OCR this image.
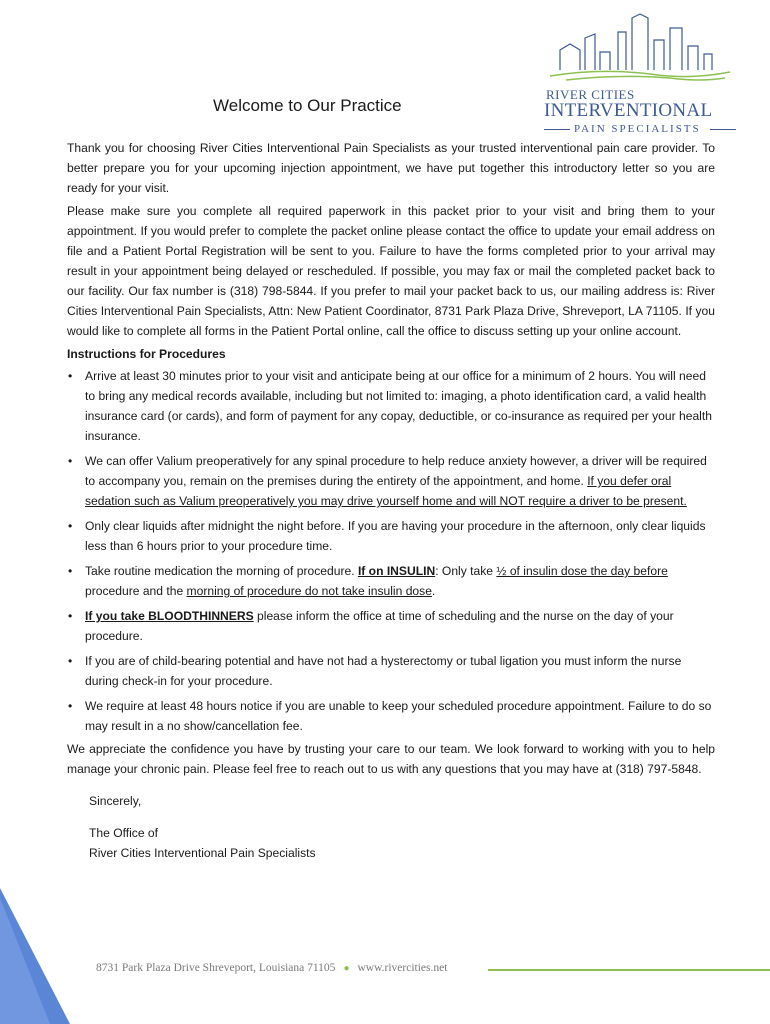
RIVER CITIES
INTERVENTIONAL
PAIN SPECIALISTS
Welcome to Our Practice

Thank you for choosing River Cities Interventional Pain Specialists as your trusted interventional pain care provider. To better prepare you for your upcoming injection appointment, we have put together this introductory letter so you are ready for your visit.

Please make sure you complete all required paperwork in this packet prior to your visit and bring them to your appointment. If you would prefer to complete the packet online please contact the office to update your email address on file and a Patient Portal Registration will be sent to you. Failure to have the forms completed prior to your arrival may result in your appointment being delayed or rescheduled. If possible, you may fax or mail the completed packet back to our facility. Our fax number is (318) 798-5844. If you prefer to mail your packet back to us, our mailing address is: River Cities Interventional Pain Specialists, Attn: New Patient Coordinator, 8731 Park Plaza Drive, Shreveport, LA 71105. If you would like to complete all forms in the Patient Portal online, call the office to discuss setting up your online account.

Instructions for Procedures
• Arrive at least 30 minutes prior to your visit and anticipate being at our office for a minimum of 2 hours. You will need to bring any medical records available, including but not limited to: imaging, a photo identification card, a valid health insurance card (or cards), and form of payment for any copay, deductible, or co-insurance as required per your health insurance.
• We can offer Valium preoperatively for any spinal procedure to help reduce anxiety however, a driver will be required to accompany you, remain on the premises during the entirety of the appointment, and home. If you defer oral sedation such as Valium preoperatively you may drive yourself home and will NOT require a driver to be present.
• Only clear liquids after midnight the night before. If you are having your procedure in the afternoon, only clear liquids less than 6 hours prior to your procedure time.
• Take routine medication the morning of procedure. If on INSULIN: Only take ½ of insulin dose the day before procedure and the morning of procedure do not take insulin dose.
• If you take BLOODTHINNERS please inform the office at time of scheduling and the nurse on the day of your procedure.
• If you are of child-bearing potential and have not had a hysterectomy or tubal ligation you must inform the nurse during check-in for your procedure.
• We require at least 48 hours notice if you are unable to keep your scheduled procedure appointment. Failure to do so may result in a no show/cancellation fee.

We appreciate the confidence you have by trusting your care to our team. We look forward to working with you to help manage your chronic pain. Please feel free to reach out to us with any questions that you may have at (318) 797-5848.

Sincerely,

The Office of

River Cities Interventional Pain Specialists

8731 Park Plaza Drive Shreveport, Louisiana 71105 ● www.rivercities.net
